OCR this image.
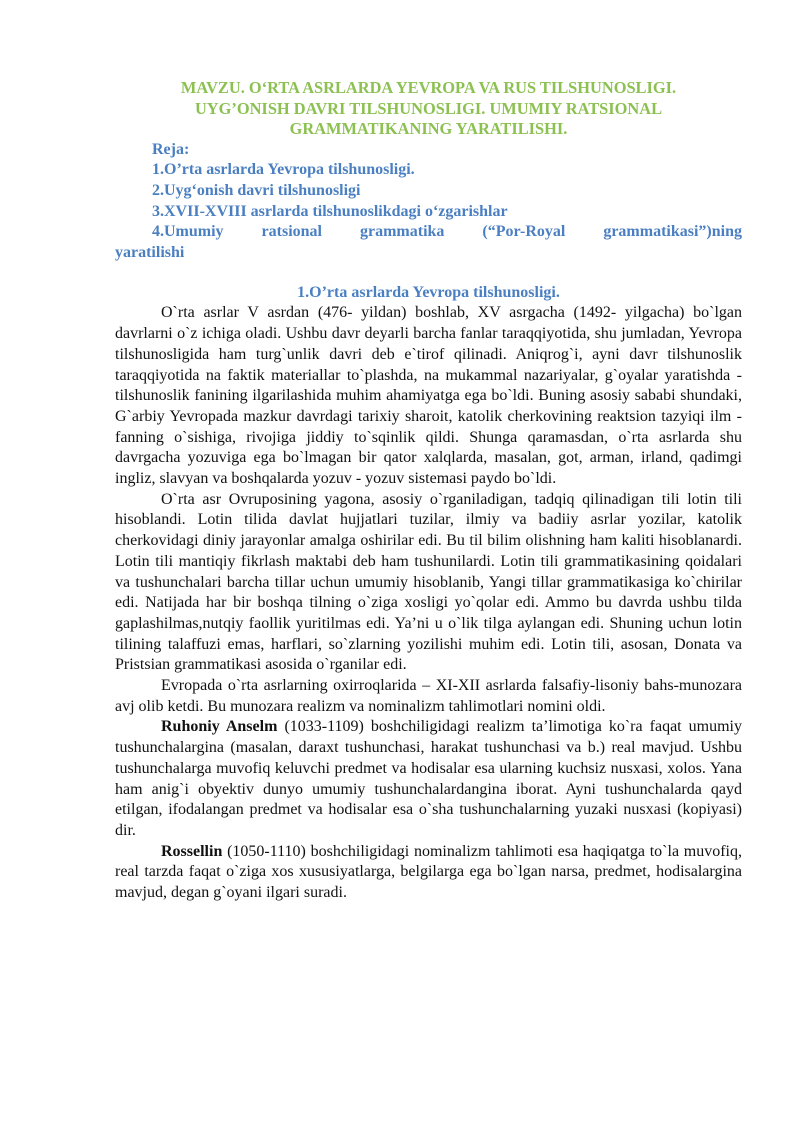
MAVZU. O‘RTA ASRLARDA YEVROPA VA RUS TILSHUNOSLIGI.
UYG’ONISH DAVRI TILSHUNOSLIGI. UMUMIY RATSIONAL
GRAMMATIKANING YARATILISHI.
Reja:
1.O’rta asrlarda Yevropa tilshunosligi.
2.Uyg‘onish davri tilshunosligi
3.XVII-XVIII asrlarda tilshunoslikdagi o‘zgarishlar
4.Umumiy ratsional grammatika (“Por-Royal grammatikasi”)ning
yaratilishi
1.O’rta asrlarda Yevropa tilshunosligi.

O`rta asrlar V asrdan (476- yildan) boshlab, XV asrgacha (1492- yilgacha) bo`lgan davrlarni o`z ichiga oladi. Ushbu davr deyarli barcha fanlar taraqqiyotida, shu jumladan, Yevropa tilshunosligida ham turg`unlik davri deb e`tirof qilinadi. Aniqrog`i, ayni davr tilshunoslik taraqqiyotida na faktik materiallar to`plashda, na mukammal nazariyalar, g`oyalar yaratishda - tilshunoslik fanining ilgarilashida muhim ahamiyatga ega bo`ldi. Buning asosiy sababi shundaki, G`arbiy Yevropada mazkur davrdagi tarixiy sharoit, katolik cherkovining reaktsion tazyiqi ilm - fanning o`sishiga, rivojiga jiddiy to`sqinlik qildi. Shunga qaramasdan, o`rta asrlarda shu davrgacha yozuviga ega bo`lmagan bir qator xalqlarda, masalan, got, arman, irland, qadimgi ingliz, slavyan va boshqalarda yozuv - yozuv sistemasi paydo bo`ldi.

O`rta asr Ovruposining yagona, asosiy o`rganiladigan, tadqiq qilinadigan tili lotin tili hisoblandi. Lotin tilida davlat hujjatlari tuzilar, ilmiy va badiiy asrlar yozilar, katolik cherkovidagi diniy jarayonlar amalga oshirilar edi. Bu til bilim olishning ham kaliti hisoblanardi. Lotin tili mantiqiy fikrlash maktabi deb ham tushunilardi. Lotin tili grammatikasining qoidalari va tushunchalari barcha tillar uchun umumiy hisoblanib, Yangi tillar grammatikasiga ko`chirilar edi. Natijada har bir boshqa tilning o`ziga xosligi yo`qolar edi. Ammo bu davrda ushbu tilda gaplashilmas,nutqiy faollik yuritilmas edi. Ya’ni u o`lik tilga aylangan edi. Shuning uchun lotin tilining talaffuzi emas, harflari, so`zlarning yozilishi muhim edi. Lotin tili, asosan, Donata va Pristsian grammatikasi asosida o`rganilar edi.

Evropada o`rta asrlarning oxirroqlarida – XI-XII asrlarda falsafiy-lisoniy bahs-munozara avj olib ketdi. Bu munozara realizm va nominalizm tahlimotlari nomini oldi.

Ruhoniy Anselm (1033-1109) boshchiligidagi realizm ta’limotiga ko`ra faqat umumiy tushunchalargina (masalan, daraxt tushunchasi, harakat tushunchasi va b.) real mavjud. Ushbu tushunchalarga muvofiq keluvchi predmet va hodisalar esa ularning kuchsiz nusxasi, xolos. Yana ham anig`i obyektiv dunyo umumiy tushunchalardangina iborat. Ayni tushunchalarda qayd etilgan, ifodalangan predmet va hodisalar esa o`sha tushunchalarning yuzaki nusxasi (kopiyasi) dir.

Rossellin (1050-1110) boshchiligidagi nominalizm tahlimoti esa haqiqatga to`la muvofiq, real tarzda faqat o`ziga xos xususiyatlarga, belgilarga ega bo`lgan narsa, predmet, hodisalargina mavjud, degan g`oyani ilgari suradi.
